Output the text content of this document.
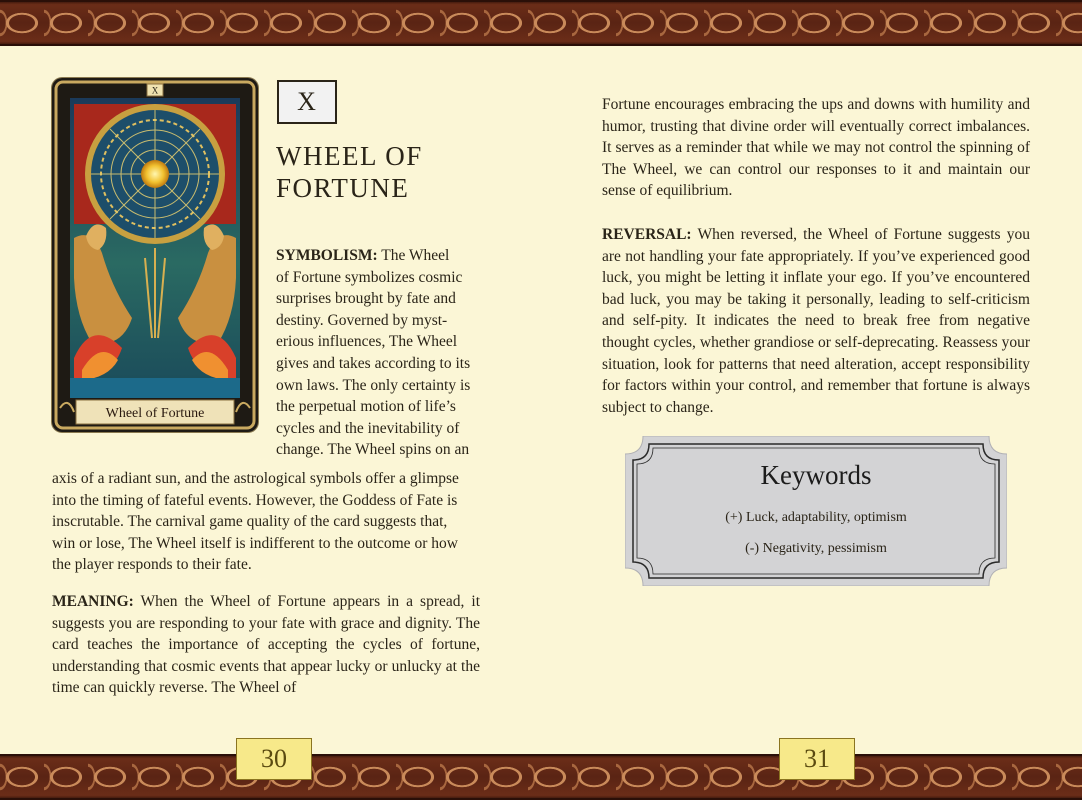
30	31
X
Wheel of Fortune
X
WHEEL OF
FORTUNE

SYMBOLISM: The Wheel

of Fortune symbolizes cosmic

surprises brought by fate and

destiny. Governed by myst-

erious influences, The Wheel

gives and takes according to its

own laws. The only certainty is

the perpetual motion of life’s

cycles and the inevitability of

change. The Wheel spins on an

axis of a radiant sun, and the astrological symbols offer a glimpse

into the timing of fateful events. However, the Goddess of Fate is

inscrutable. The carnival game quality of the card suggests that,

win or lose, The Wheel itself is indifferent to the outcome or how

the player responds to their fate.

MEANING: When the Wheel of Fortune appears in a spread, it suggests you are responding to your fate with grace and dignity. The card teaches the importance of accepting the cycles of fortune, understanding that cosmic events that appear lucky or unlucky at the time can quickly reverse. The Wheel of

Fortune encourages embracing the ups and downs with humility and humor, trusting that divine order will eventually correct imbalances. It serves as a reminder that while we may not control the spinning of The Wheel, we can control our responses to it and maintain our sense of equilibrium.

REVERSAL: When reversed, the Wheel of Fortune suggests you are not handling your fate appropriately. If you’ve experienced good luck, you might be letting it inflate your ego. If you’ve encountered bad luck, you may be taking it personally, leading to self-criticism and self-pity. It indicates the need to break free from negative thought cycles, whether grandiose or self-deprecating. Reassess your situation, look for patterns that need alteration, accept responsibility for factors within your control, and remember that fortune is always subject to change.

Keywords
(+) Luck, adaptability, optimism
(-) Negativity, pessimism
